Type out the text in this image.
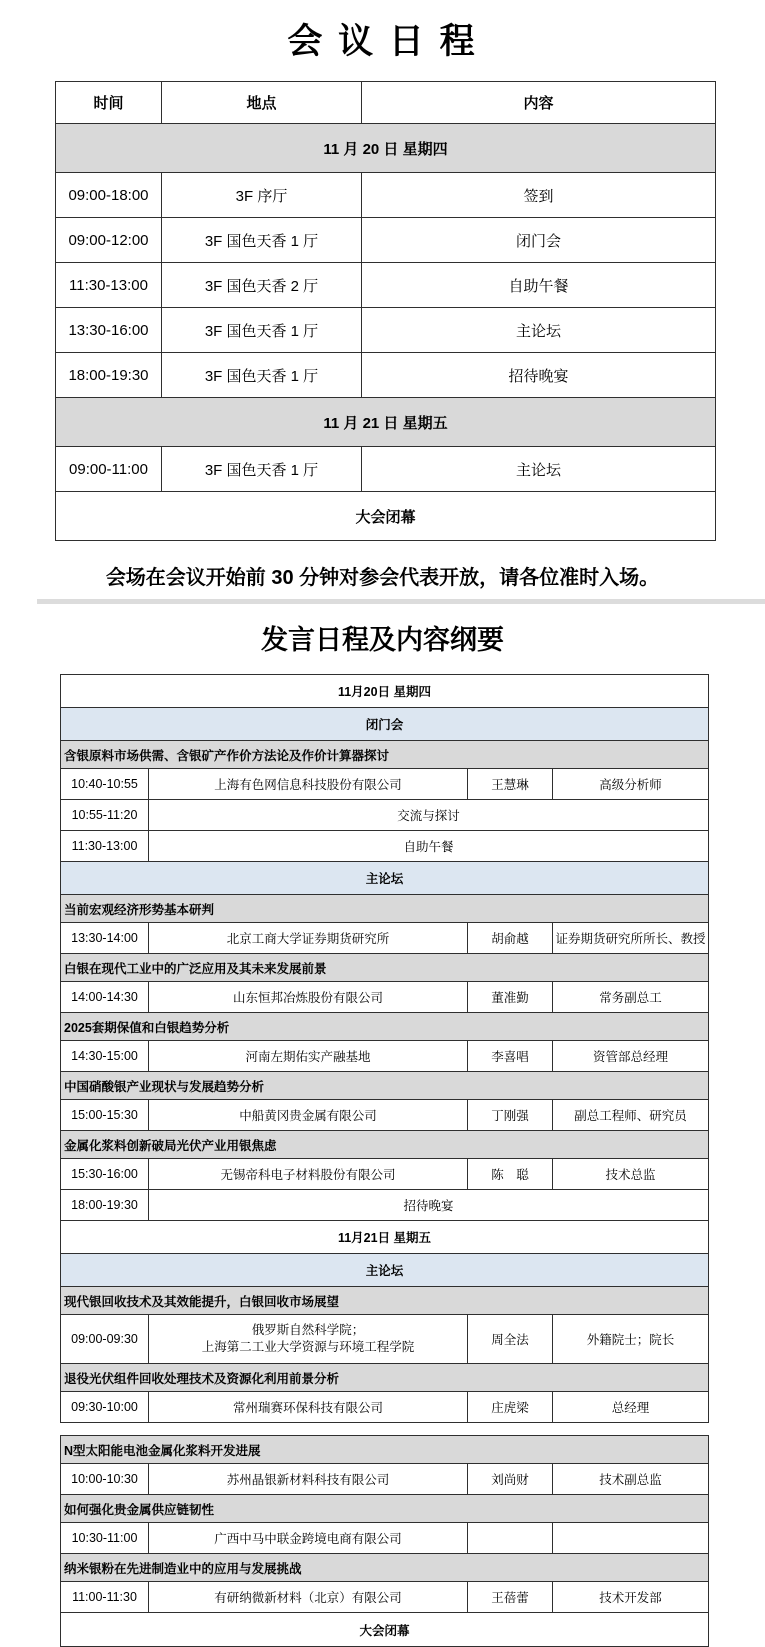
会 议 日 程
时间	地点	内容
11 月 20 日 星期四		
09:00-18:00	3F 序厅	签到
09:00-12:00	3F 国色天香 1 厅	闭门会
11:30-13:00	3F 国色天香 2 厅	自助午餐
13:30-16:00	3F 国色天香 1 厅	主论坛
18:00-19:30	3F 国色天香 1 厅	招待晚宴
11 月 21 日 星期五		
09:00-11:00	3F 国色天香 1 厅	主论坛
大会闭幕		
会场在会议开始前 30 分钟对参会代表开放，请各位准时入场。
发言日程及内容纲要
11月20日 星期四			
闭门会			
含银原料市场供需、含银矿产作价方法论及作价计算器探讨			
10:40-10:55	上海有色网信息科技股份有限公司	王慧琳	高级分析师
10:55-11:20	交流与探讨		
11:30-13:00	自助午餐		
主论坛			
当前宏观经济形势基本研判			
13:30-14:00	北京工商大学证券期货研究所	胡俞越	证券期货研究所所长、教授
白银在现代工业中的广泛应用及其未来发展前景			
14:00-14:30	山东恒邦冶炼股份有限公司	董准勤	常务副总工
2025套期保值和白银趋势分析			
14:30-15:00	河南左期佑实产融基地	李喜唱	资管部总经理
中国硝酸银产业现状与发展趋势分析			
15:00-15:30	中船黄冈贵金属有限公司	丁刚强	副总工程师、研究员
金属化浆料创新破局光伏产业用银焦虑			
15:30-16:00	无锡帝科电子材料股份有限公司	陈　聪	技术总监
18:00-19:30	招待晚宴		
11月21日 星期五			
主论坛			
现代银回收技术及其效能提升，白银回收市场展望			
09:00-09:30	俄罗斯自然科学院；
上海第二工业大学资源与环境工程学院	周全法	外籍院士；院长
退役光伏组件回收处理技术及资源化利用前景分析			
09:30-10:00	常州瑞赛环保科技有限公司	庄虎梁	总经理
N型太阳能电池金属化浆料开发进展			
10:00-10:30	苏州晶银新材料科技有限公司	刘尚财	技术副总监
如何强化贵金属供应链韧性			
10:30-11:00	广西中马中联金跨境电商有限公司		
纳米银粉在先进制造业中的应用与发展挑战			
11:00-11:30	有研纳微新材料（北京）有限公司	王蓓蕾	技术开发部
大会闭幕			
